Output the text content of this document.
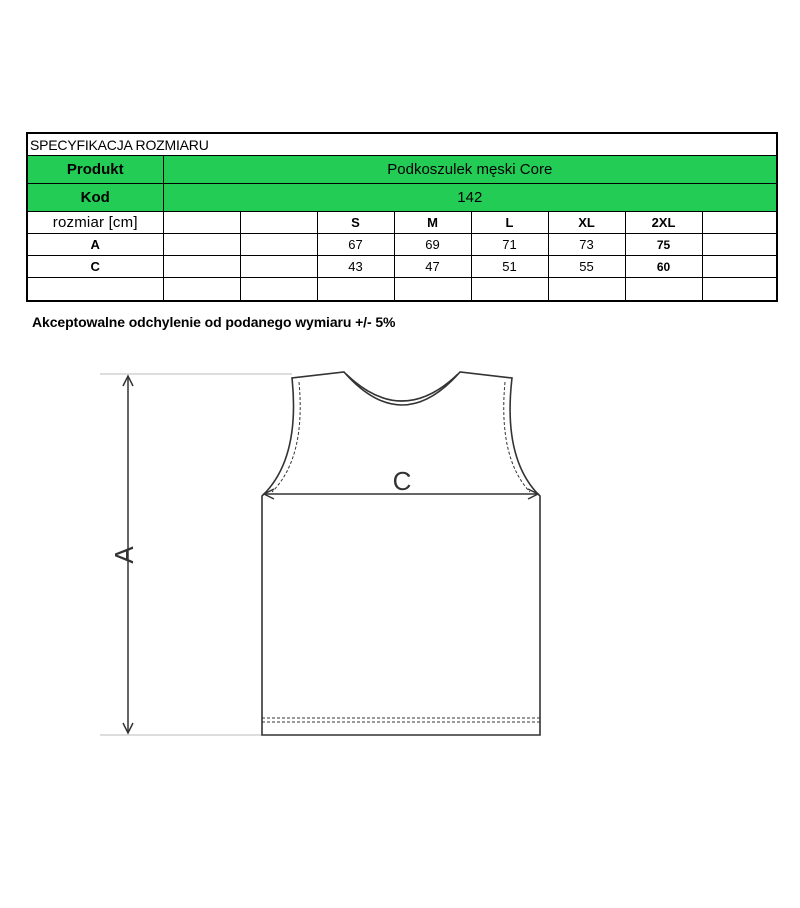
SPECYFIKACJA ROZMIARU								
Produkt	Podkoszulek męski Core							
Kod	142							
rozmiar [cm]			S	M	L	XL	2XL	
A			67	69	71	73	75	
C			43	47	51	55	60	

Akceptowalne odchylenie od podanego wymiaru +/- 5%
A
C
